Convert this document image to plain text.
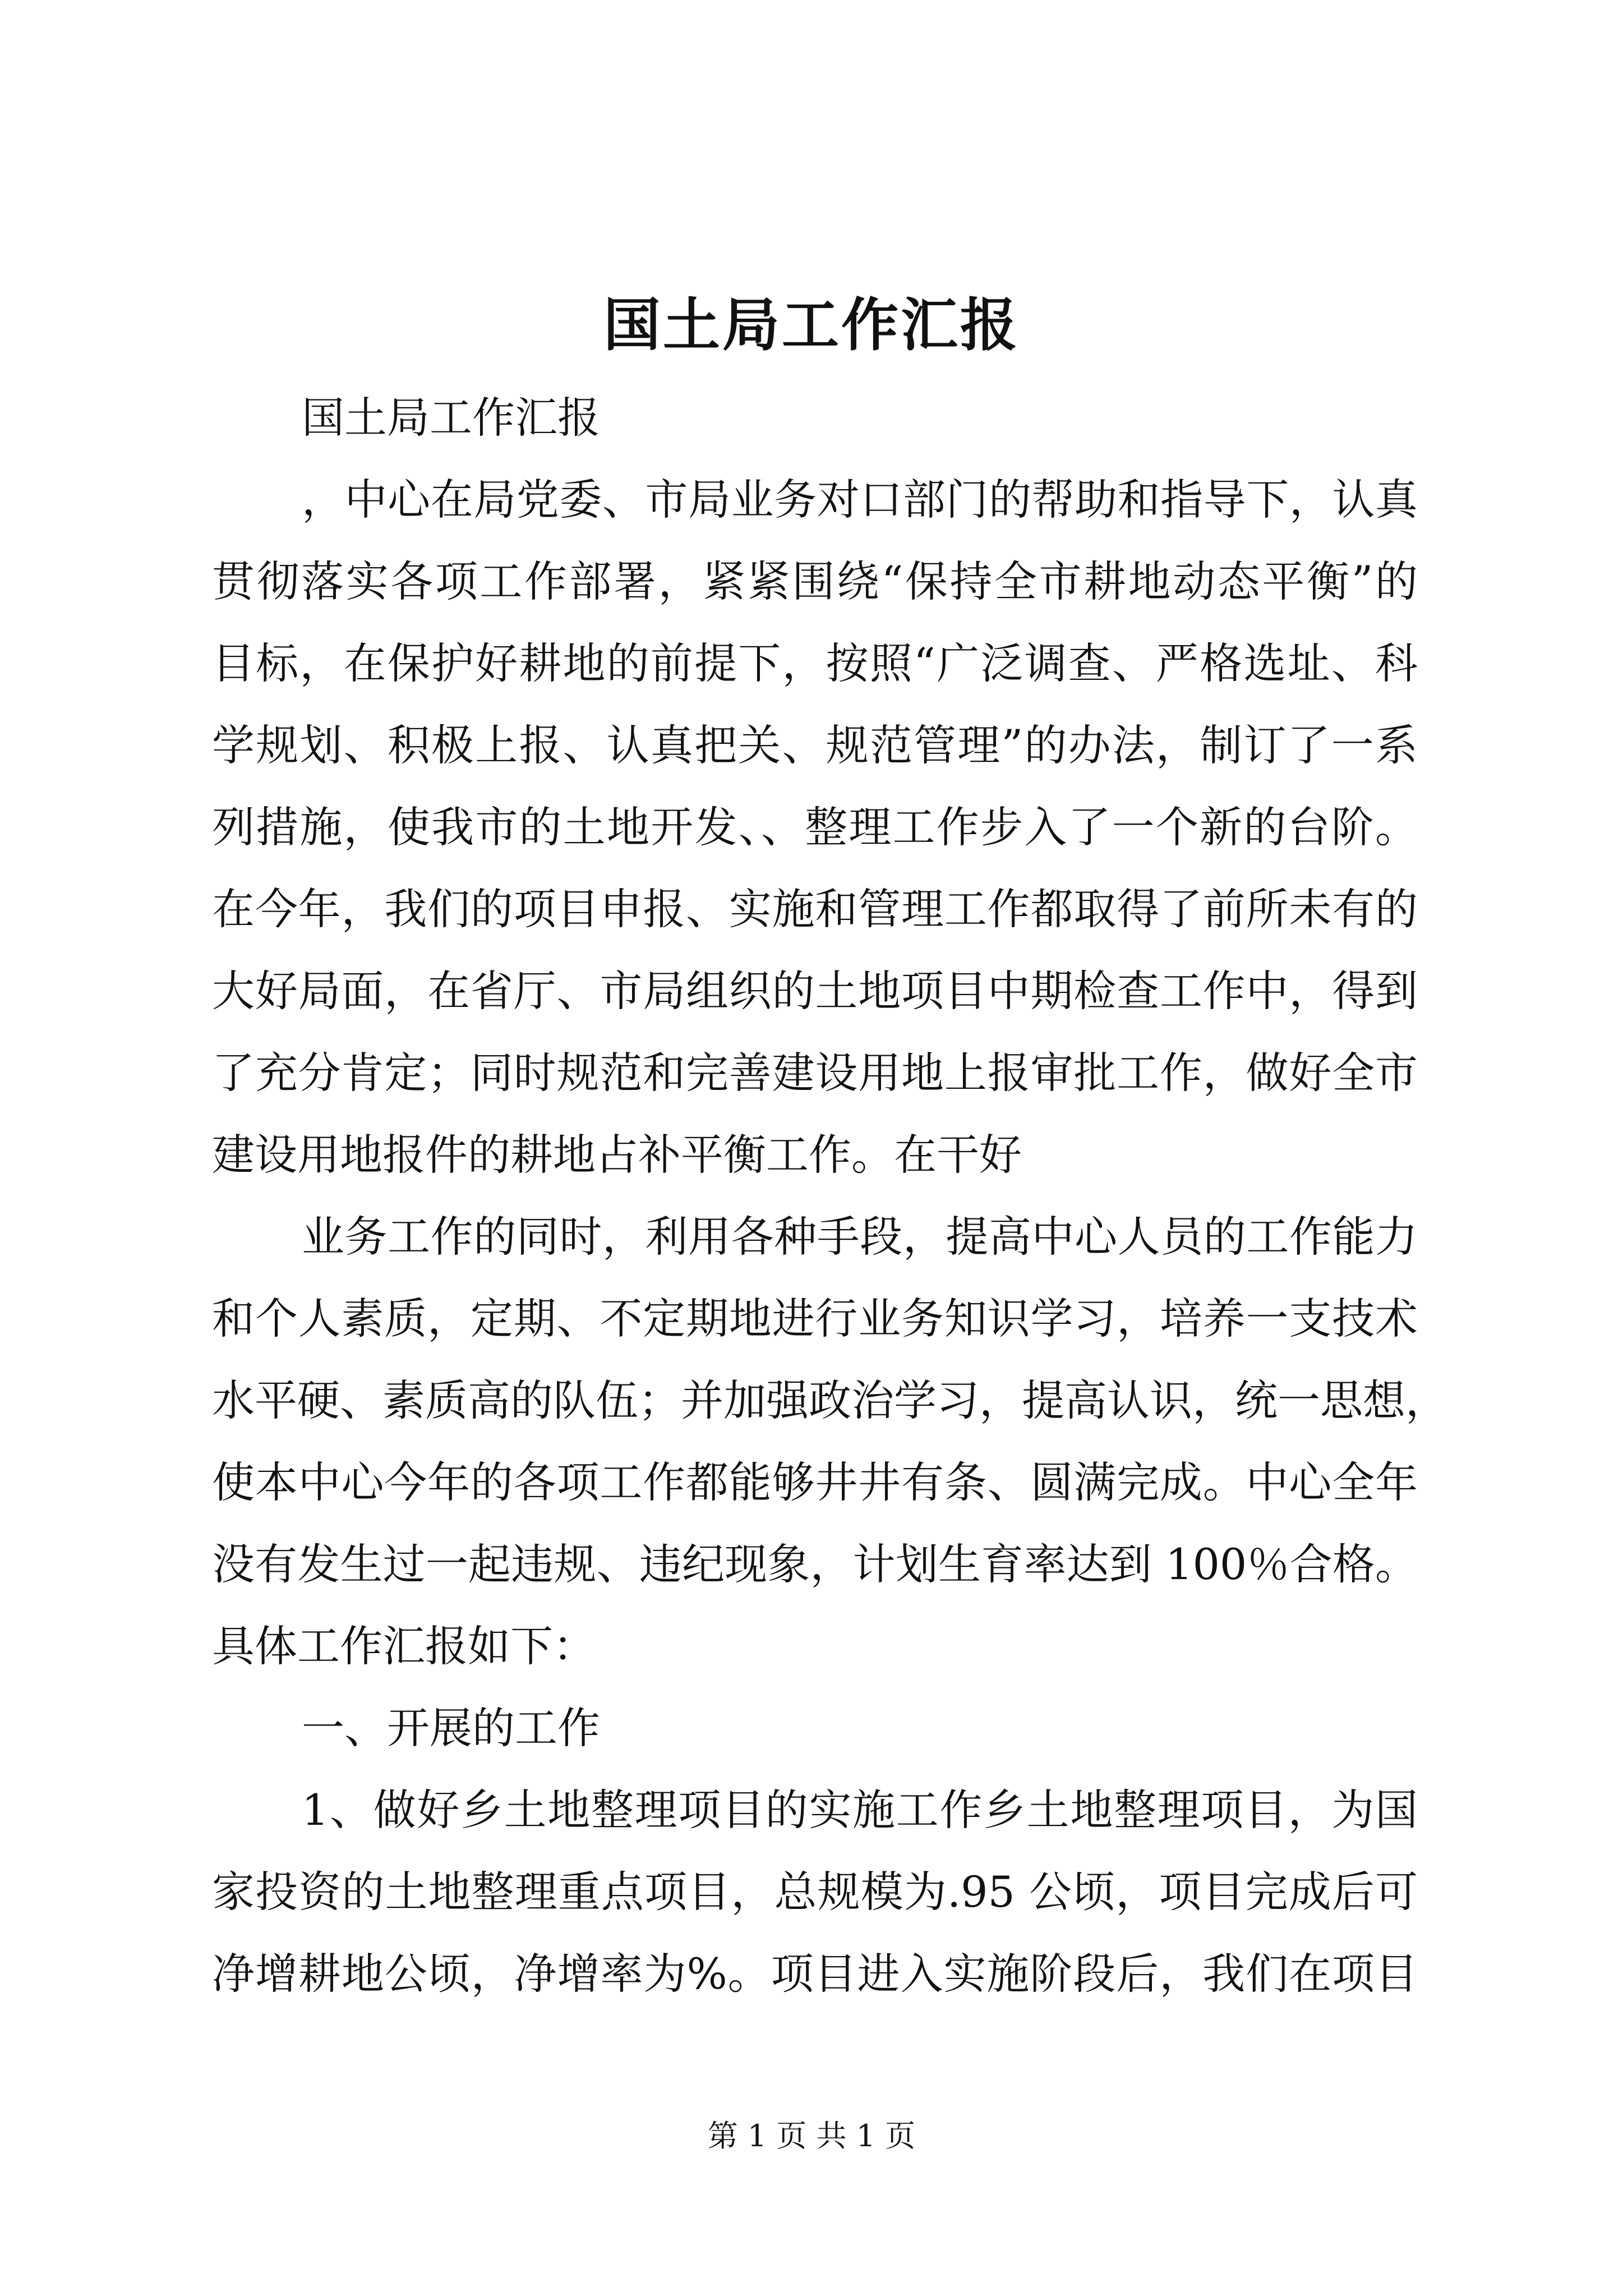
国土局工作汇报
国土局工作汇报
，中心在局党委、市局业务对口部门的帮助和指导下，认真
贯彻落实各项工作部署，紧紧围绕“保持全市耕地动态平衡”的
目标，在保护好耕地的前提下，按照“广泛调查、严格选址、科
学规划、积极上报、认真把关、规范管理”的办法，制订了一系
列措施，使我市的土地开发、、整理工作步入了一个新的台阶。
在今年，我们的项目申报、实施和管理工作都取得了前所未有的
大好局面，在省厅、市局组织的土地项目中期检查工作中，得到
了充分肯定；同时规范和完善建设用地上报审批工作，做好全市
建设用地报件的耕地占补平衡工作。在干好
业务工作的同时，利用各种手段，提高中心人员的工作能力
和个人素质，定期、不定期地进行业务知识学习，培养一支技术
水平硬、素质高的队伍；并加强政治学习，提高认识，统一思想，
使本中心今年的各项工作都能够井井有条、圆满完成。中心全年
没有发生过一起违规、违纪现象，计划生育率达到 100％合格。
具体工作汇报如下：
一、开展的工作
1、做好乡土地整理项目的实施工作乡土地整理项目，为国
家投资的土地整理重点项目，总规模为.95 公顷，项目完成后可
净增耕地公顷，净增率为%。项目进入实施阶段后，我们在项目
第 1 页 共 1 页
